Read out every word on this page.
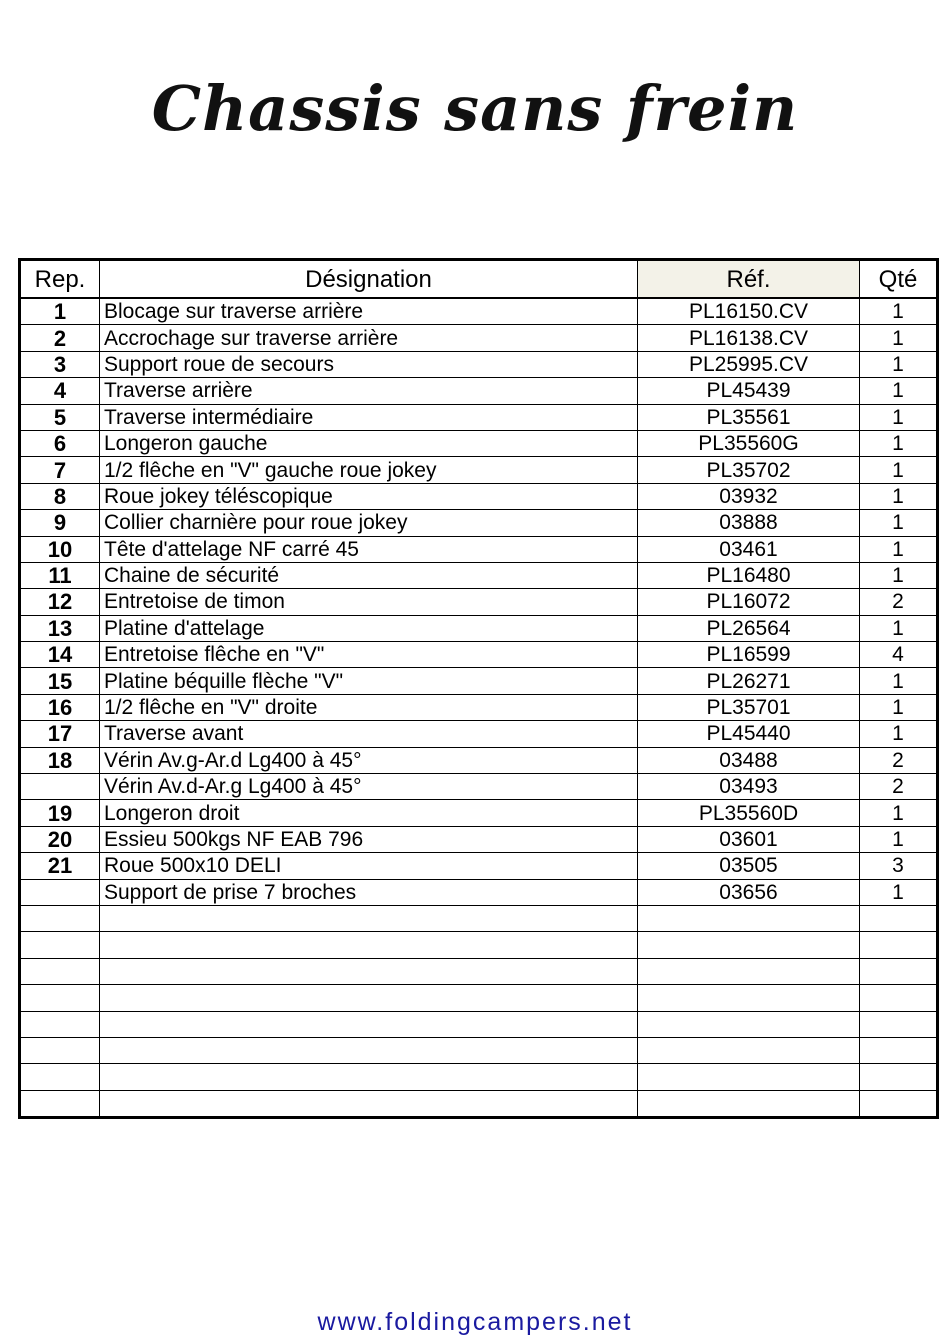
Chassis sans frein
Rep.	Désignation	Réf.	Qté
1	Blocage sur traverse arrière	PL16150.CV	1
2	Accrochage sur traverse arrière	PL16138.CV	1
3	Support roue de secours	PL25995.CV	1
4	Traverse arrière	PL45439	1
5	Traverse intermédiaire	PL35561	1
6	Longeron gauche	PL35560G	1
7	1/2 flêche en "V" gauche roue jokey	PL35702	1
8	Roue jokey téléscopique	03932	1
9	Collier charnière pour roue jokey	03888	1
10	Tête d'attelage NF carré 45	03461	1
11	Chaine de sécurité	PL16480	1
12	Entretoise de timon	PL16072	2
13	Platine d'attelage	PL26564	1
14	Entretoise flêche en "V"	PL16599	4
15	Platine béquille flèche "V"	PL26271	1
16	1/2 flêche en "V" droite	PL35701	1
17	Traverse avant	PL45440	1
18	Vérin Av.g-Ar.d Lg400 à 45°	03488	2
	Vérin Av.d-Ar.g Lg400 à 45°	03493	2
19	Longeron droit	PL35560D	1
20	Essieu 500kgs NF EAB 796	03601	1
21	Roue 500x10 DELI	03505	3
	Support de prise 7 broches	03656	1

www.foldingcampers.net
